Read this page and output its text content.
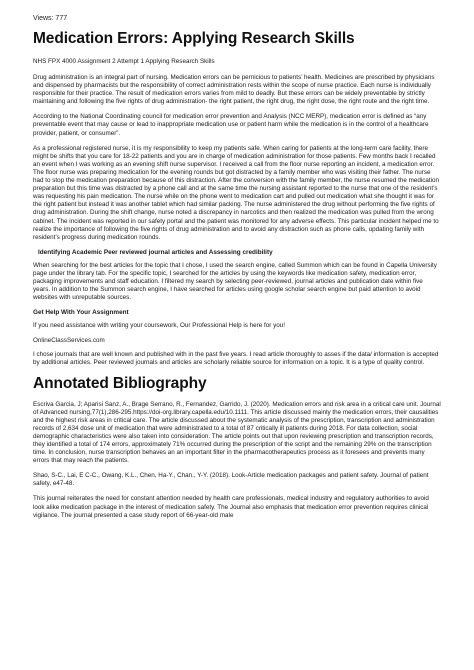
Views: 777
Medication Errors: Applying Research Skills
NHS FPX 4000 Assignment 2 Attempt 1 Applying Research Skills

Drug administration is an integral part of nursing. Medication errors can be pernicious to patients’ health. Medicines are prescribed by physicians and dispensed by pharmacists but the responsibility of correct administration rests within the scope of nurse practice. Each nurse is individually responsible for their practice. The result of medication errors varies from mild to deadly. But these errors can be widely preventable by strictly maintaining and following the five rights of drug administration- the right patient, the right drug, the right dose, the right route and the right time.

According to the National Coordinating council for medication error prevention and Analysis (NCC MERP), medication error is defined as “any preventable event that may cause or lead to inappropriate medication use or patient harm while the medication is in the control of a healthcare provider, patient, or consumer”.

As a professional registered nurse, it is my responsibility to keep my patients safe. When caring for patients at the long-term care facility, there might be shifts that you care for 18-22 patients and you are in charge of medication administration for those patients. Few months back I recalled an event when I was working as an evening shift nurse supervisor. I received a call from the floor nurse reporting an incident, a medication error. The floor nurse was preparing medication for the evening rounds but got distracted by a family member who was visiting their father. The nurse had to stop the medication preparation because of this distraction. After the conversion with the family member, the nurse resumed the medication preparation but this time was distracted by a phone call and at the same time the nursing assistant reported to the nurse that one of the resident’s was requesting his pain medication. The nurse while on the phone went to medication cart and pulled out medication what she thought it was for the right patient but instead it was another tablet which had similar packing. The nurse administered the drug without performing the five rights of drug administration. During the shift change, nurse noted a discrepancy in narcotics and then realized the medication was pulled from the wrong cabinet. The incident was reported in our safety portal and the patient was monitored for any adverse effects. This particular incident helped me to realize the importance of following the five rights of drug administration and to avoid any distraction such as phone calls, updating family with resident’s progress during medication rounds.

Identifying Academic Peer reviewed journal articles and Assessing credibility

When searching for the best articles for the topic that I chose, I used the search engine, called Summon which can be found in Capella University page under the library tab. For the specific topic, I searched for the articles by using the keywords like medication safety, medication error, packaging improvements and staff education. I filtered my search by selecting peer-reviewed, journal articles and publication date within five years. In addition to the Summon search engine, I have searched for articles using google scholar search engine but paid attention to avoid websites with unreputable sources.

Get Help With Your Assignment

If you need assistance with writing your coursework, Our Professional Help is here for you!

OnlineClassServices.com

I chose journals that are well known and published with in the past five years. I read article thoroughly to asses if the data/ information is accepted by additional articles. Peer reviewed journals and articles are scholarly reliable source for information on a topic. It is a type of quality control.

Annotated Bibliography

Escriva Garcia, J; Aparisi Sanz, A., Brage Serrano, R., Fernandez, Garrido, J. (2020). Medication errors and risk area in a critical care unit. Journal of Advanced nursing,77(1),286-295.https://doi-org.library.capella.edu/10.1111. This article discussed mainly the medication errors, their causalities and the highest risk areas in critical care. The article discussed about the systematic analysis of the prescription, transcription and administration records of 2,634 dose unit of medication that were administrated to a total of 87 critically ill patients during 2018. For data collection, social demographic characteristics were also taken into consideration. The article points out that upon reviewing prescription and transcription records, they identified a total of 174 errors, approximately 71% occurred during the prescription of the script and the remaining 29% on the transcription time. In conclusion, nurse transcription behaves an an important filter in the pharmacotherapeutics process as it foresees and prevents many errors that may reach the patients.

Shao, S-C., Lai, E C-C., Owang, K.L., Chen, Ha-Y., Chan., Y-Y. (2018). Look-Article medication packages and patient safety. Journal of patient safety, e47-48.

This journal reiterates the need for constant attention needed by health care professionals, medical industry and regulatory authorities to avoid look alike medication package in the interest of medication safety. The Journal also emphasis that medication error prevention requires clinical vigilance. The journal presented a case study report of 66-year-old male
